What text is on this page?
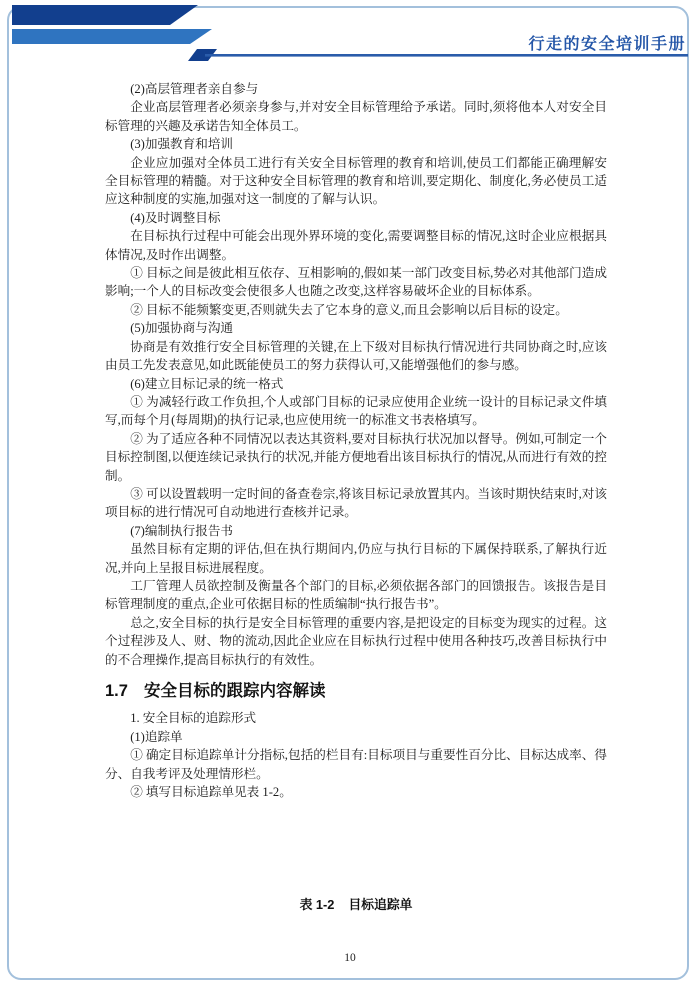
行走的安全培训手册

(2)高层管理者亲自参与

企业高层管理者必须亲身参与,并对安全目标管理给予承诺。同时,须将他本人对安全目标管理的兴趣及承诺告知全体员工。

(3)加强教育和培训

企业应加强对全体员工进行有关安全目标管理的教育和培训,使员工们都能正确理解安全目标管理的精髓。对于这种安全目标管理的教育和培训,要定期化、制度化,务必使员工适应这种制度的实施,加强对这一制度的了解与认识。

(4)及时调整目标

在目标执行过程中可能会出现外界环境的变化,需要调整目标的情况,这时企业应根据具体情况,及时作出调整。

① 目标之间是彼此相互依存、互相影响的,假如某一部门改变目标,势必对其他部门造成影响;一个人的目标改变会使很多人也随之改变,这样容易破坏企业的目标体系。

② 目标不能频繁变更,否则就失去了它本身的意义,而且会影响以后目标的设定。

(5)加强协商与沟通

协商是有效推行安全目标管理的关键,在上下级对目标执行情况进行共同协商之时,应该由员工先发表意见,如此既能使员工的努力获得认可,又能增强他们的参与感。

(6)建立目标记录的统一格式

① 为减轻行政工作负担,个人或部门目标的记录应使用企业统一设计的目标记录文件填写,而每个月(每周期)的执行记录,也应使用统一的标准文书表格填写。

② 为了适应各种不同情况以表达其资料,要对目标执行状况加以督导。例如,可制定一个目标控制图,以便连续记录执行的状况,并能方便地看出该目标执行的情况,从而进行有效的控制。

③ 可以设置载明一定时间的备查卷宗,将该目标记录放置其内。当该时期快结束时,对该项目标的进行情况可自动地进行查核并记录。

(7)编制执行报告书

虽然目标有定期的评估,但在执行期间内,仍应与执行目标的下属保持联系,了解执行近况,并向上呈报目标进展程度。

工厂管理人员欲控制及衡量各个部门的目标,必须依据各部门的回馈报告。该报告是目标管理制度的重点,企业可依据目标的性质编制“执行报告书”。

总之,安全目标的执行是安全目标管理的重要内容,是把设定的目标变为现实的过程。这个过程涉及人、财、物的流动,因此企业应在目标执行过程中使用各种技巧,改善目标执行中的不合理操作,提高目标执行的有效性。

1.7 安全目标的跟踪内容解读

1. 安全目标的追踪形式

(1)追踪单

① 确定目标追踪单计分指标,包括的栏目有:目标项目与重要性百分比、目标达成率、得分、自我考评及处理情形栏。

② 填写目标追踪单见表 1-2。

表 1-2 目标追踪单
10
